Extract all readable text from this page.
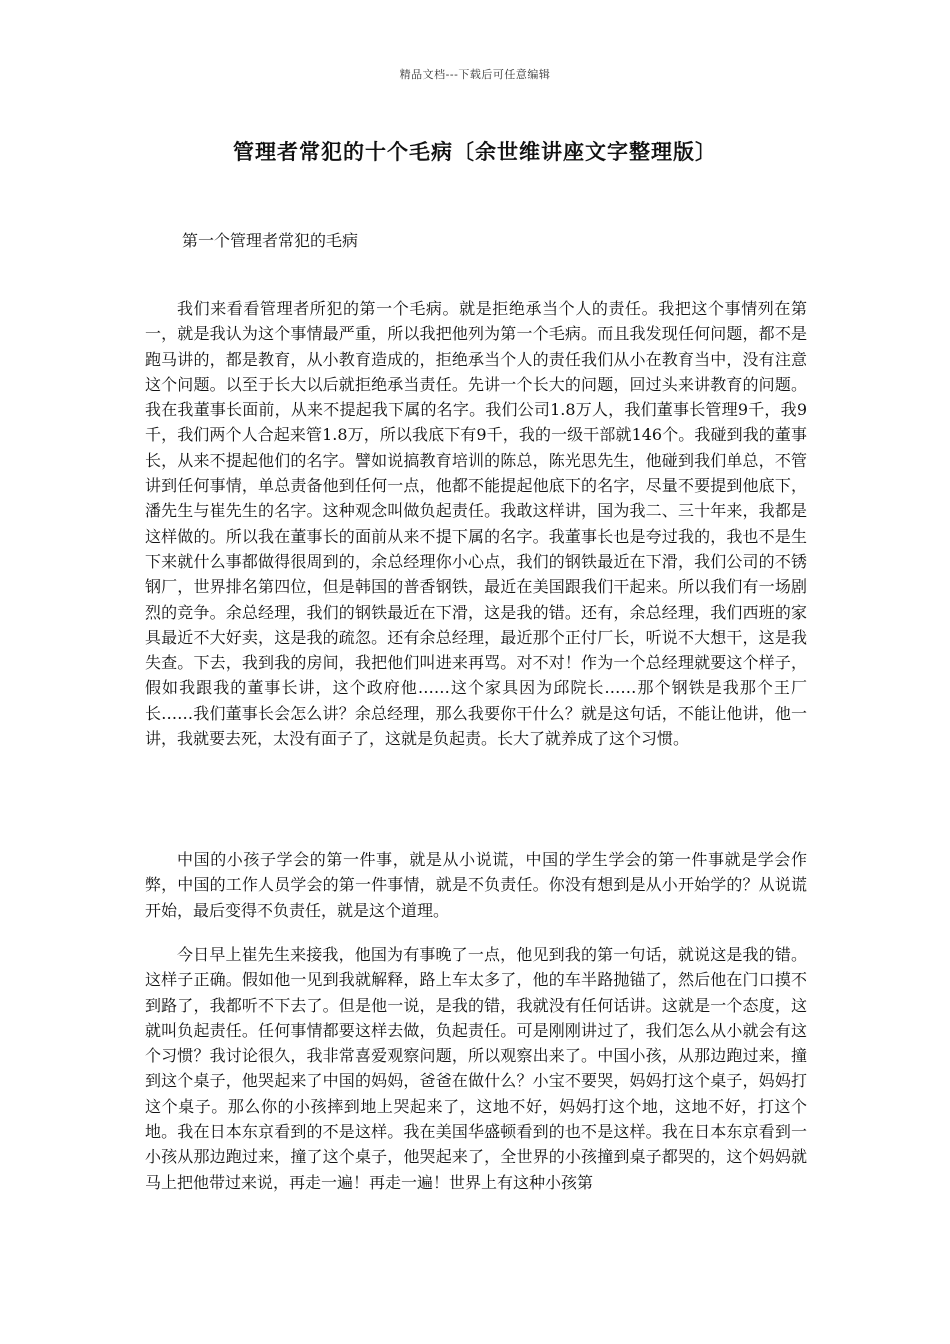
精品文档---下载后可任意编辑
管理者常犯的十个毛病〔余世维讲座文字整理版〕
第一个管理者常犯的毛病

我们来看看管理者所犯的第一个毛病。就是拒绝承当个人的责任。我把这个事情列在第一，就是我认为这个事情最严重，所以我把他列为第一个毛病。而且我发现任何问题，都不是跑马讲的，都是教育，从小教育造成的，拒绝承当个人的责任我们从小在教育当中，没有注意这个问题。以至于长大以后就拒绝承当责任。先讲一个长大的问题，回过头来讲教育的问题。我在我董事长面前，从来不提起我下属的名字。我们公司1.8万人，我们董事长管理9千，我9千，我们两个人合起来管1.8万，所以我底下有9千，我的一级干部就146个。我碰到我的董事长，从来不提起他们的名字。譬如说搞教育培训的陈总，陈光思先生，他碰到我们单总，不管讲到任何事情，单总责备他到任何一点，他都不能提起他底下的名字，尽量不要提到他底下，潘先生与崔先生的名字。这种观念叫做负起责任。我敢这样讲，国为我二、三十年来，我都是这样做的。所以我在董事长的面前从来不提下属的名字。我董事长也是夸过我的，我也不是生下来就什么事都做得很周到的，余总经理你小心点，我们的钢铁最近在下滑，我们公司的不锈钢厂，世界排名第四位，但是韩国的普香钢铁，最近在美国跟我们干起来。所以我们有一场剧烈的竞争。余总经理，我们的钢铁最近在下滑，这是我的错。还有，余总经理，我们西班的家具最近不大好卖，这是我的疏忽。还有余总经理，最近那个正付厂长，听说不大想干，这是我失查。下去，我到我的房间，我把他们叫进来再骂。对不对！作为一个总经理就要这个样子，假如我跟我的董事长讲，这个政府他……这个家具因为邱院长……那个钢铁是我那个王厂长……我们董事长会怎么讲？余总经理，那么我要你干什么？就是这句话，不能让他讲，他一讲，我就要去死，太没有面子了，这就是负起责。长大了就养成了这个习惯。

中国的小孩子学会的第一件事，就是从小说谎，中国的学生学会的第一件事就是学会作弊，中国的工作人员学会的第一件事情，就是不负责任。你没有想到是从小开始学的？从说谎开始，最后变得不负责任，就是这个道理。

今日早上崔先生来接我，他国为有事晚了一点，他见到我的第一句话，就说这是我的错。这样子正确。假如他一见到我就解释，路上车太多了，他的车半路抛锚了，然后他在门口摸不到路了，我都听不下去了。但是他一说，是我的错，我就没有任何话讲。这就是一个态度，这就叫负起责任。任何事情都要这样去做，负起责任。可是刚刚讲过了，我们怎么从小就会有这个习惯？我讨论很久，我非常喜爱观察问题，所以观察出来了。中国小孩，从那边跑过来，撞到这个桌子，他哭起来了中国的妈妈，爸爸在做什么？小宝不要哭，妈妈打这个桌子，妈妈打这个桌子。那么你的小孩摔到地上哭起来了，这地不好，妈妈打这个地，这地不好，打这个地。我在日本东京看到的不是这样。我在美国华盛顿看到的也不是这样。我在日本东京看到一小孩从那边跑过来，撞了这个桌子，他哭起来了，全世界的小孩撞到桌子都哭的，这个妈妈就马上把他带过来说，再走一遍！再走一遍！世界上有这种小孩第
